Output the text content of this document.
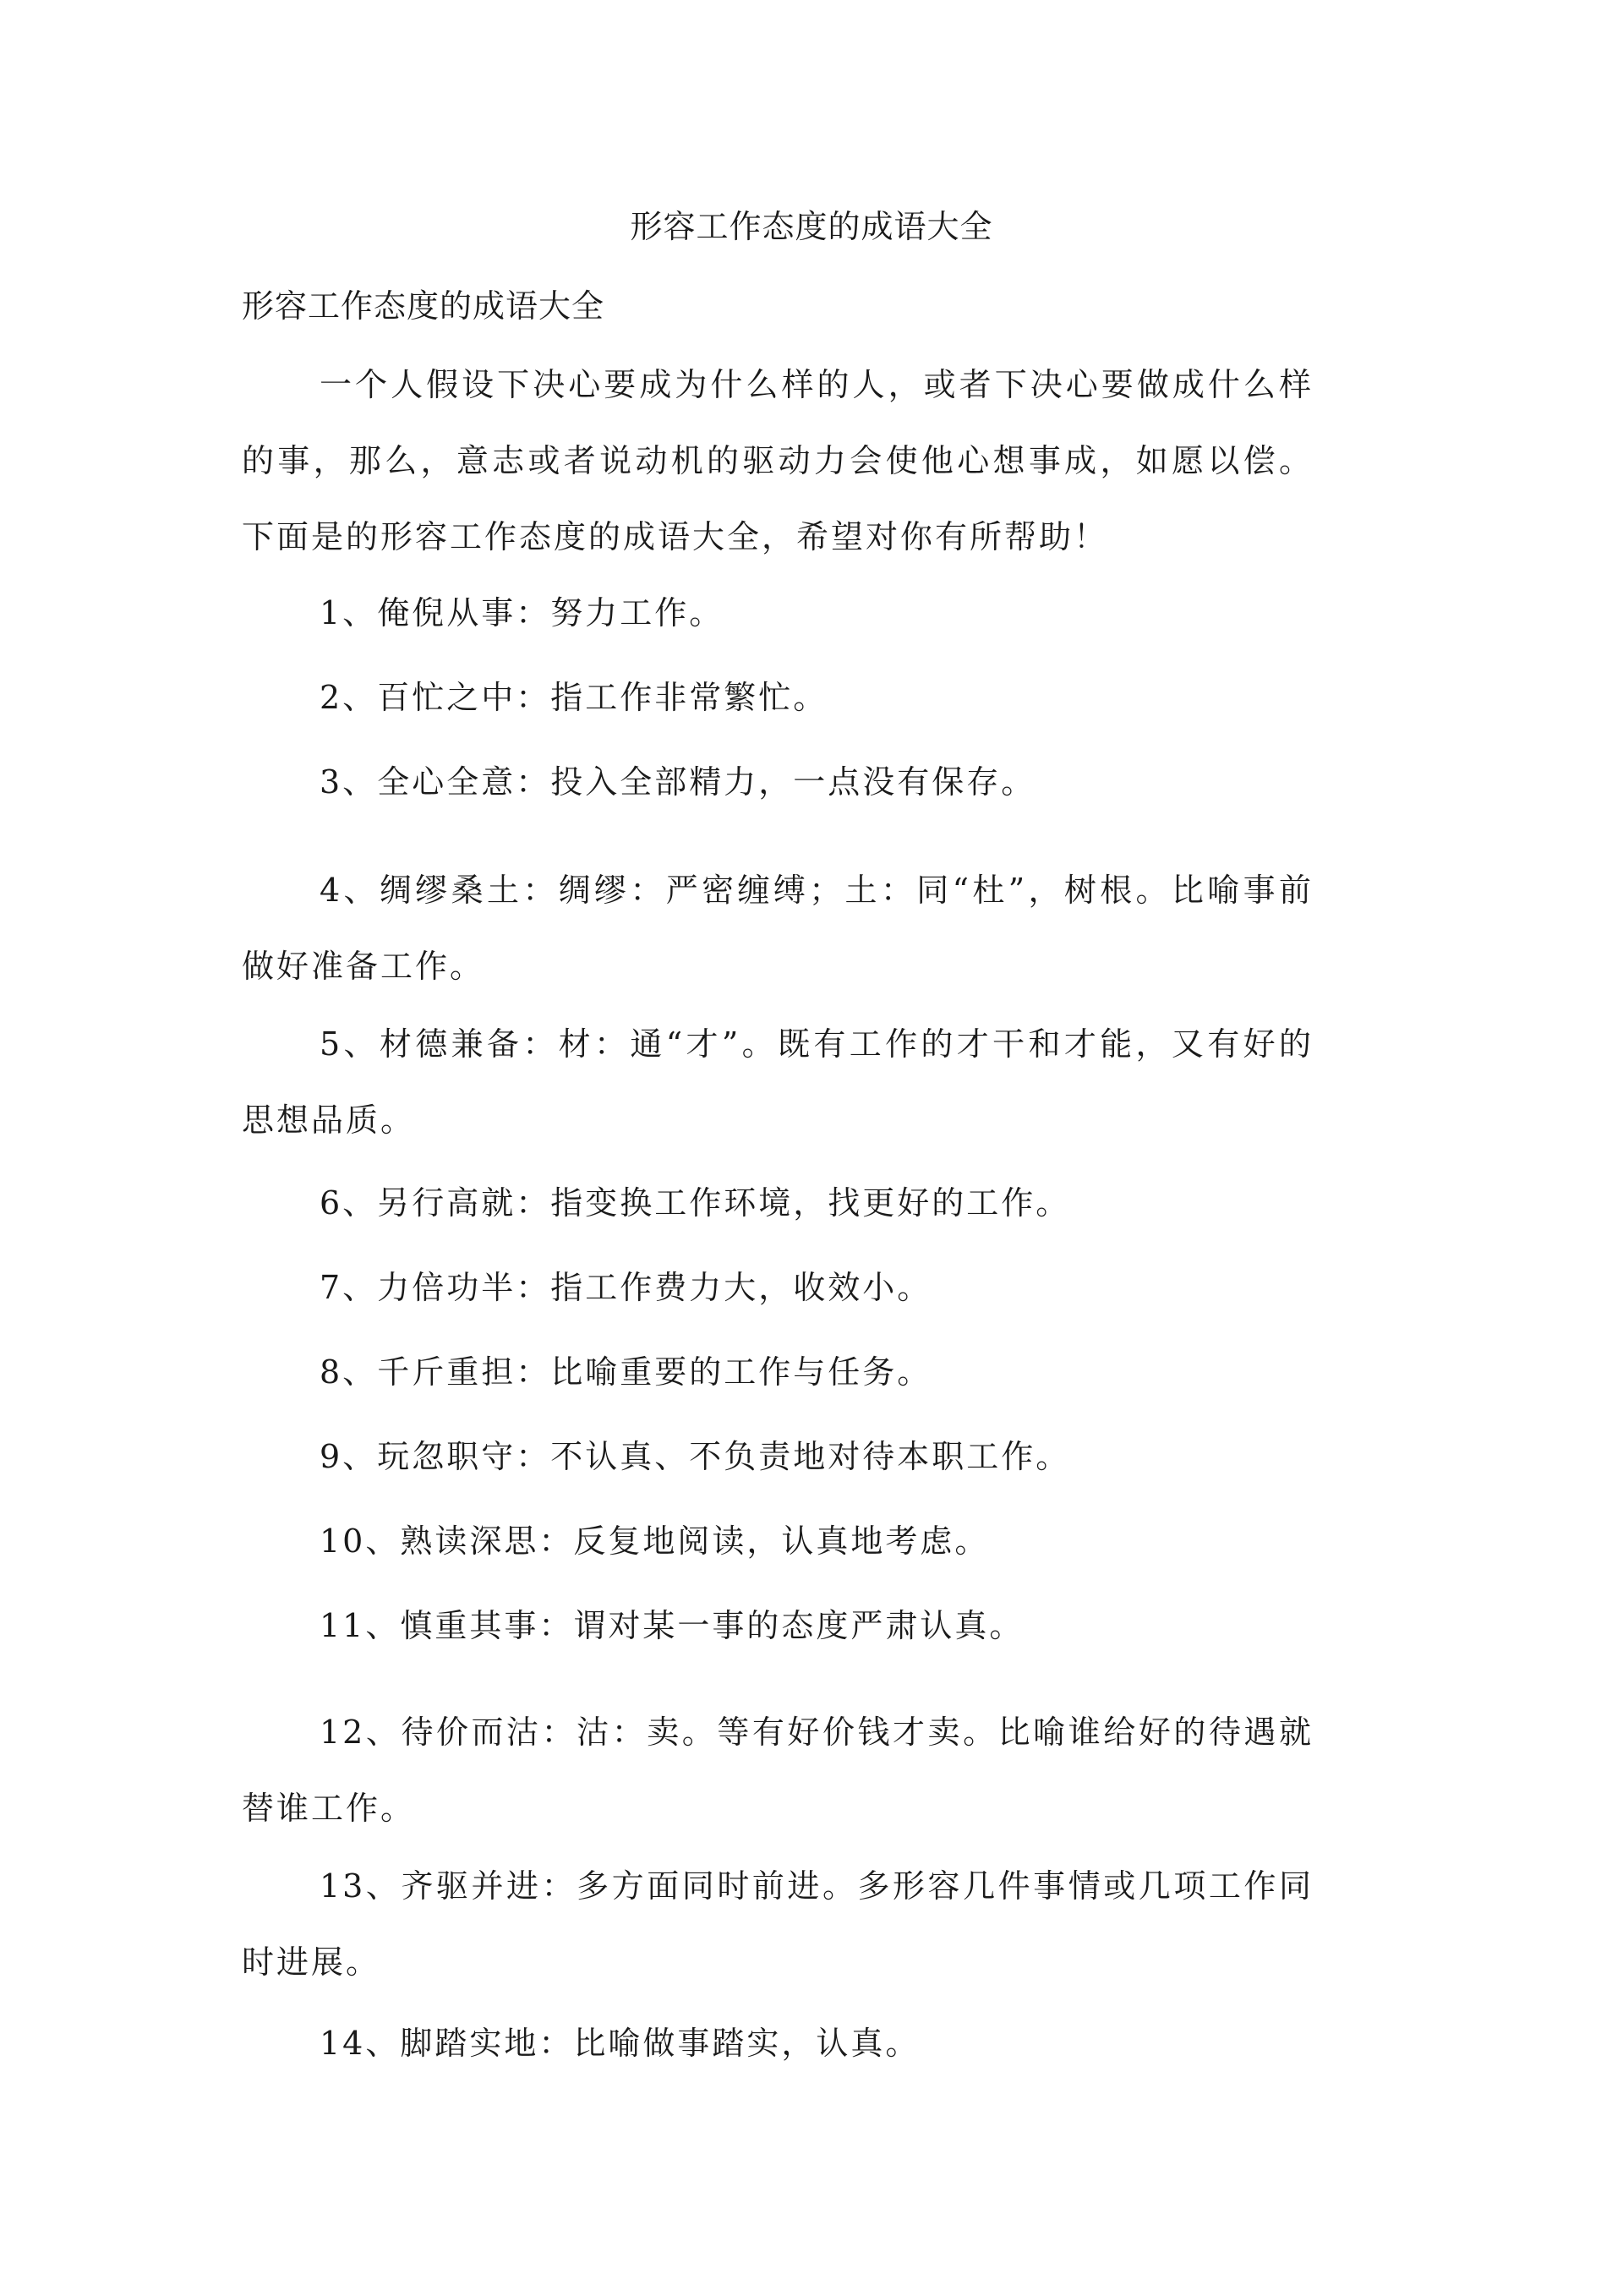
形容工作态度的成语大全

形容工作态度的成语大全

一个人假设下决心要成为什么样的人，或者下决心要做成什么样的事，那么，意志或者说动机的驱动力会使他心想事成，如愿以偿。下面是的形容工作态度的成语大全，希望对你有所帮助！

1、俺倪从事：努力工作。

2、百忙之中：指工作非常繁忙。

3、全心全意：投入全部精力，一点没有保存。

4、绸缪桑土：绸缪：严密缠缚；土：同“杜”，树根。比喻事前做好准备工作。

5、材德兼备：材：通“才”。既有工作的才干和才能，又有好的思想品质。

6、另行高就：指变换工作环境，找更好的工作。

7、力倍功半：指工作费力大，收效小。

8、千斤重担：比喻重要的工作与任务。

9、玩忽职守：不认真、不负责地对待本职工作。

10、熟读深思：反复地阅读，认真地考虑。

11、慎重其事：谓对某一事的态度严肃认真。

12、待价而沽：沽：卖。等有好价钱才卖。比喻谁给好的待遇就替谁工作。

13、齐驱并进：多方面同时前进。多形容几件事情或几项工作同时进展。

14、脚踏实地：比喻做事踏实，认真。
